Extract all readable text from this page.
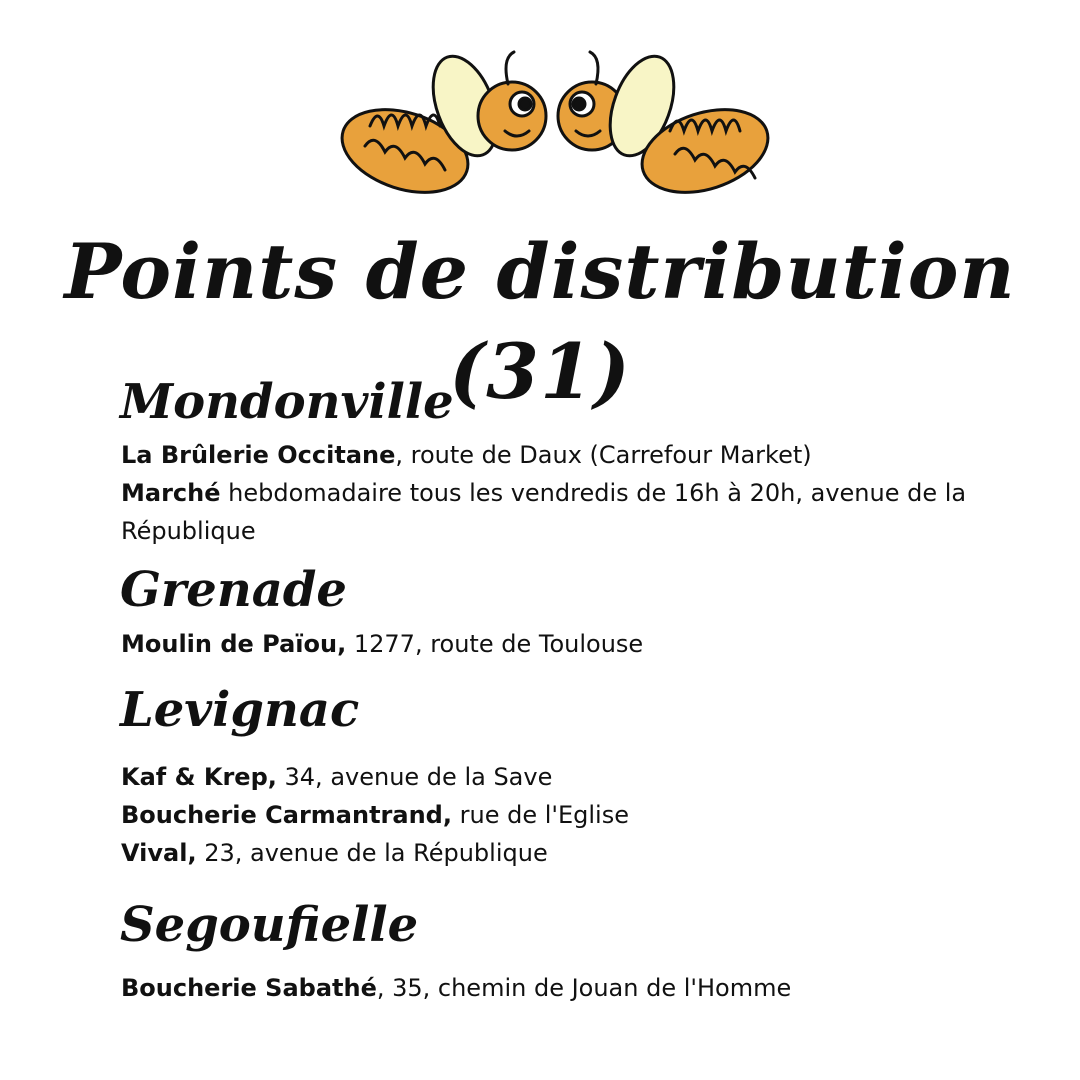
Points de distribution (31)
Mondonville

La Brûlerie Occitane, route de Daux (Carrefour Market)

Marché hebdomadaire tous les vendredis de 16h à 20h, avenue de la République

Grenade

Moulin de Païou, 1277, route de Toulouse

Levignac

Kaf & Krep, 34, avenue de la Save

Boucherie Carmantrand, rue de l'Eglise

Vival, 23, avenue de la République

Segoufielle

Boucherie Sabathé, 35, chemin de Jouan de l'Homme
